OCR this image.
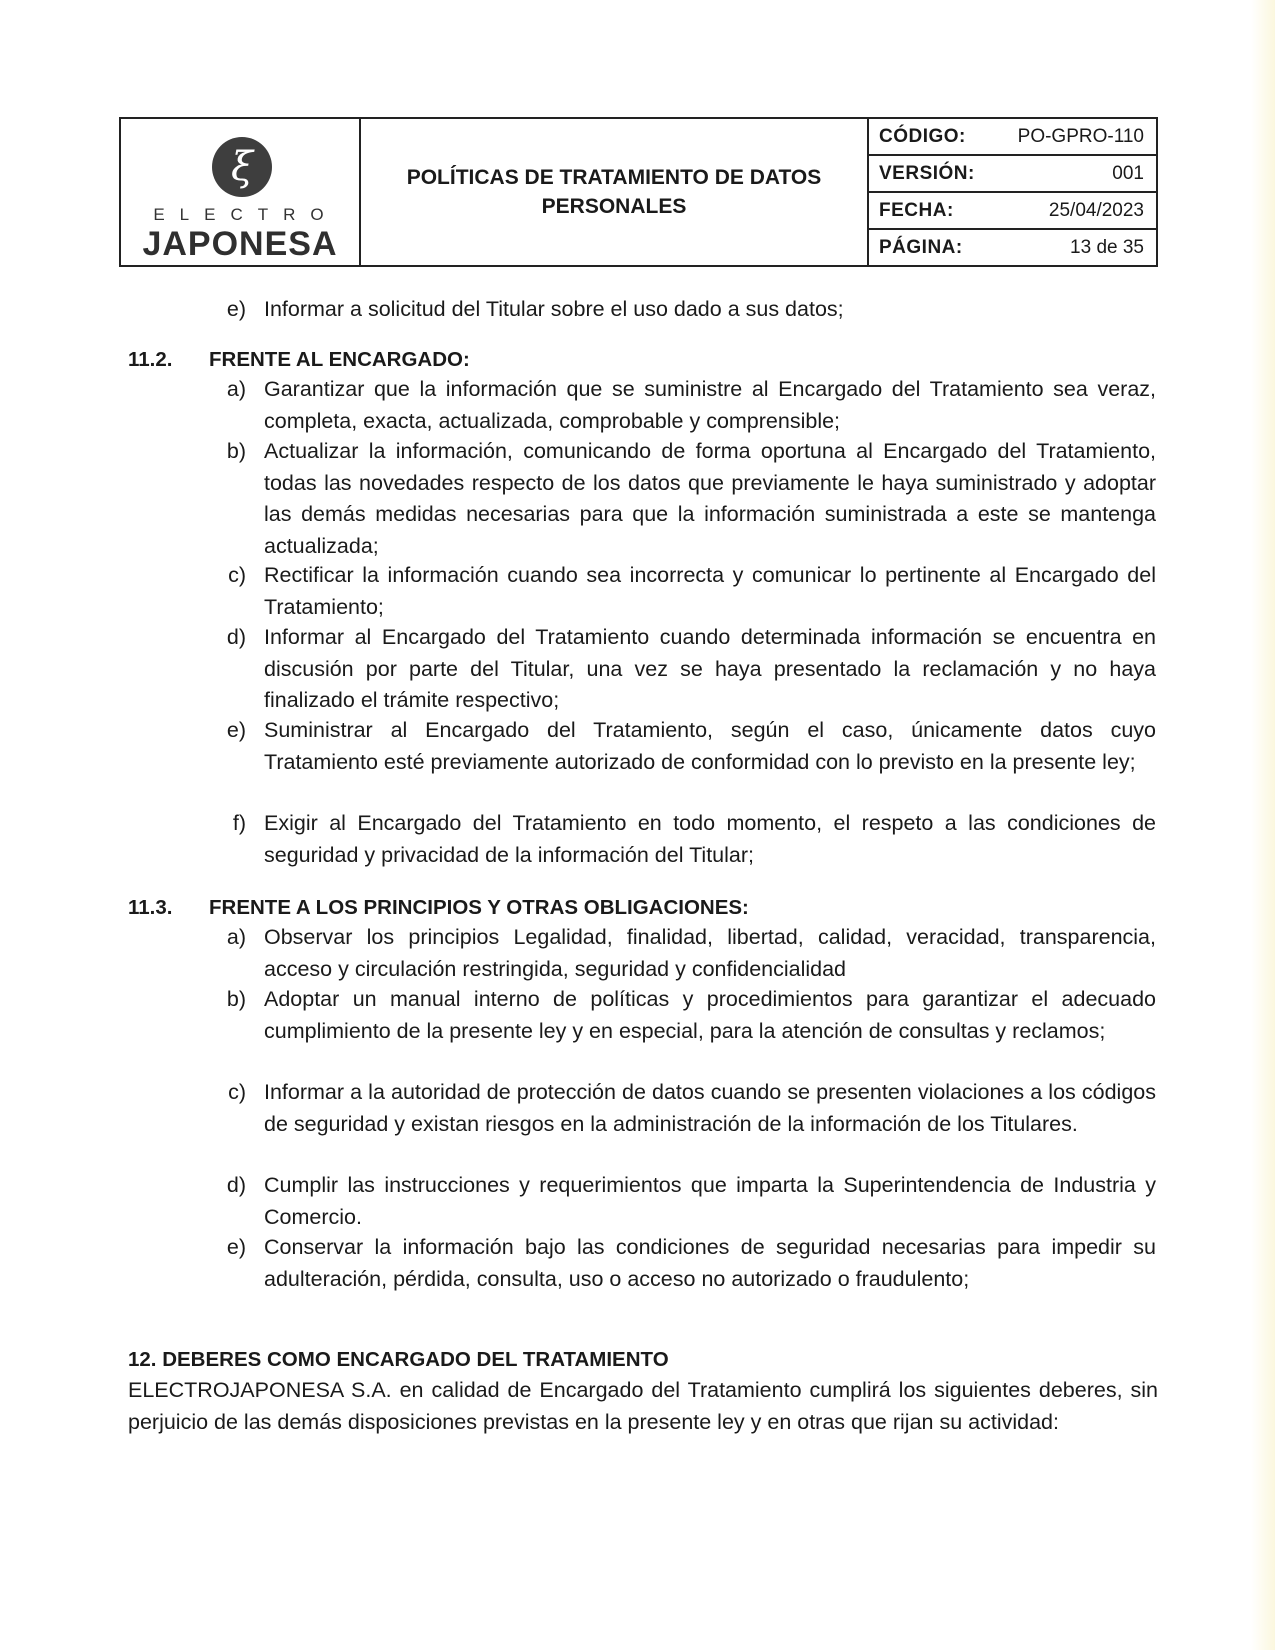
ξ
ELECTRO
JAPONESA
POLÍTICAS DE TRATAMIENTO DE DATOS PERSONALES
CÓDIGO:	PO-GPRO-110
VERSIÓN:	001
FECHA:	25/04/2023
PÁGINA:	13 de 35
e) Informar a solicitud del Titular sobre el uso dado a sus datos;
11.2. FRENTE AL ENCARGADO:
a) Garantizar que la información que se suministre al Encargado del Tratamiento sea veraz, completa, exacta, actualizada, comprobable y comprensible;
b) Actualizar la información, comunicando de forma oportuna al Encargado del Tratamiento, todas las novedades respecto de los datos que previamente le haya suministrado y adoptar las demás medidas necesarias para que la información suministrada a este se mantenga actualizada;
c) Rectificar la información cuando sea incorrecta y comunicar lo pertinente al Encargado del Tratamiento;
d) Informar al Encargado del Tratamiento cuando determinada información se encuentra en discusión por parte del Titular, una vez se haya presentado la reclamación y no haya finalizado el trámite respectivo;
e) Suministrar al Encargado del Tratamiento, según el caso, únicamente datos cuyo Tratamiento esté previamente autorizado de conformidad con lo previsto en la presente ley;
f) Exigir al Encargado del Tratamiento en todo momento, el respeto a las condiciones de seguridad y privacidad de la información del Titular;
11.3. FRENTE A LOS PRINCIPIOS Y OTRAS OBLIGACIONES:
a) Observar los principios Legalidad, finalidad, libertad, calidad, veracidad, transparencia, acceso y circulación restringida, seguridad y confidencialidad
b) Adoptar un manual interno de políticas y procedimientos para garantizar el adecuado cumplimiento de la presente ley y en especial, para la atención de consultas y reclamos;
c) Informar a la autoridad de protección de datos cuando se presenten violaciones a los códigos de seguridad y existan riesgos en la administración de la información de los Titulares.
d) Cumplir las instrucciones y requerimientos que imparta la Superintendencia de Industria y Comercio.
e) Conservar la información bajo las condiciones de seguridad necesarias para impedir su adulteración, pérdida, consulta, uso o acceso no autorizado o fraudulento;
12. DEBERES COMO ENCARGADO DEL TRATAMIENTO
ELECTROJAPONESA S.A. en calidad de Encargado del Tratamiento cumplirá los siguientes deberes, sin perjuicio de las demás disposiciones previstas en la presente ley y en otras que rijan su actividad:
